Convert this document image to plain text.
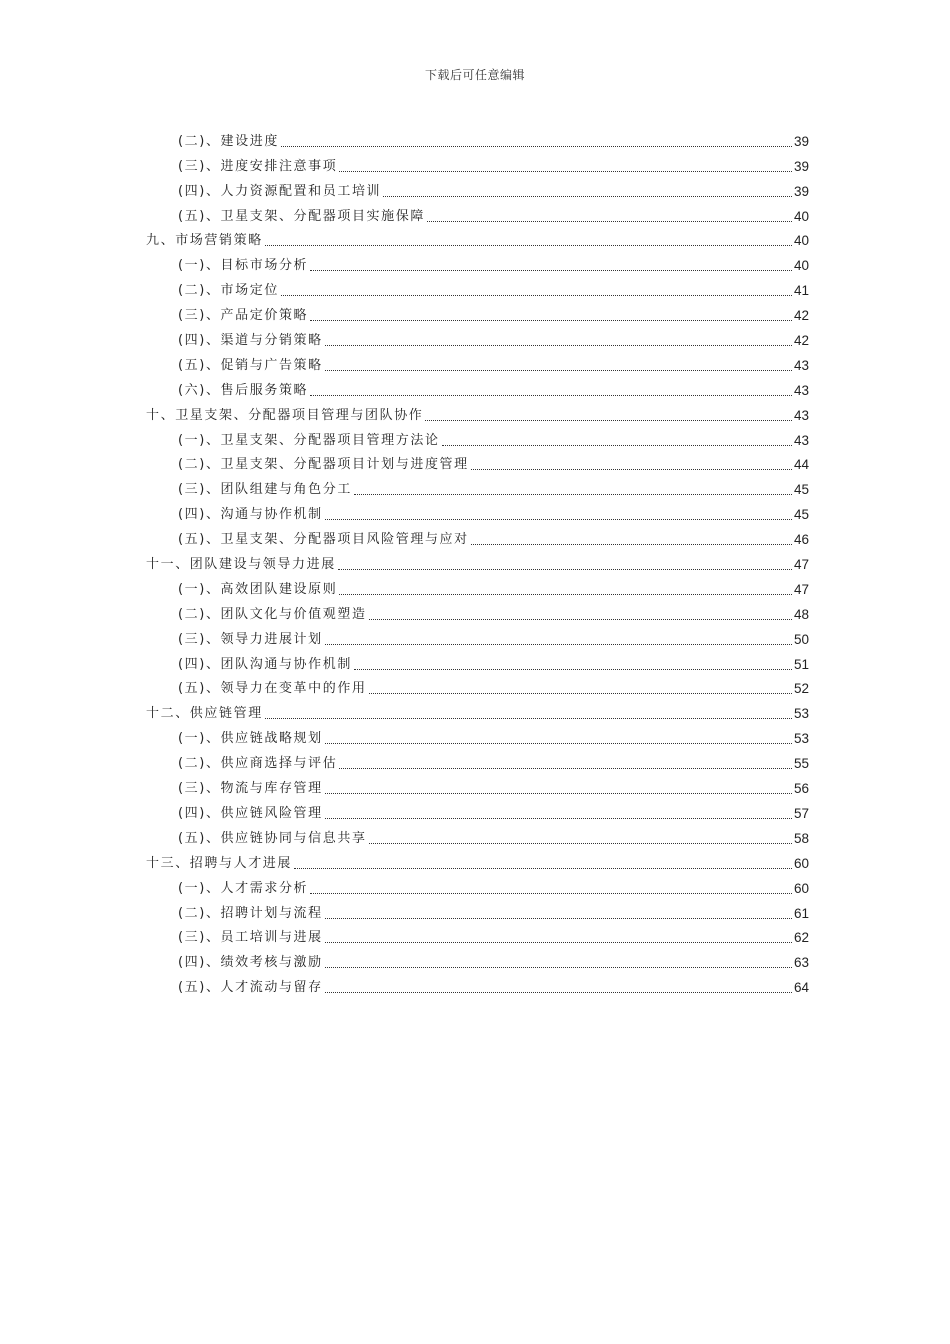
下载后可任意编辑
(二)、建设进度	39
(三)、进度安排注意事项	39
(四)、人力资源配置和员工培训	39
(五)、卫星支架、分配器项目实施保障	40
九、市场营销策略	40
(一)、目标市场分析	40
(二)、市场定位	41
(三)、产品定价策略	42
(四)、渠道与分销策略	42
(五)、促销与广告策略	43
(六)、售后服务策略	43
十、卫星支架、分配器项目管理与团队协作	43
(一)、卫星支架、分配器项目管理方法论	43
(二)、卫星支架、分配器项目计划与进度管理	44
(三)、团队组建与角色分工	45
(四)、沟通与协作机制	45
(五)、卫星支架、分配器项目风险管理与应对	46
十一、团队建设与领导力进展	47
(一)、高效团队建设原则	47
(二)、团队文化与价值观塑造	48
(三)、领导力进展计划	50
(四)、团队沟通与协作机制	51
(五)、领导力在变革中的作用	52
十二、供应链管理	53
(一)、供应链战略规划	53
(二)、供应商选择与评估	55
(三)、物流与库存管理	56
(四)、供应链风险管理	57
(五)、供应链协同与信息共享	58
十三、招聘与人才进展	60
(一)、人才需求分析	60
(二)、招聘计划与流程	61
(三)、员工培训与进展	62
(四)、绩效考核与激励	63
(五)、人才流动与留存	64
